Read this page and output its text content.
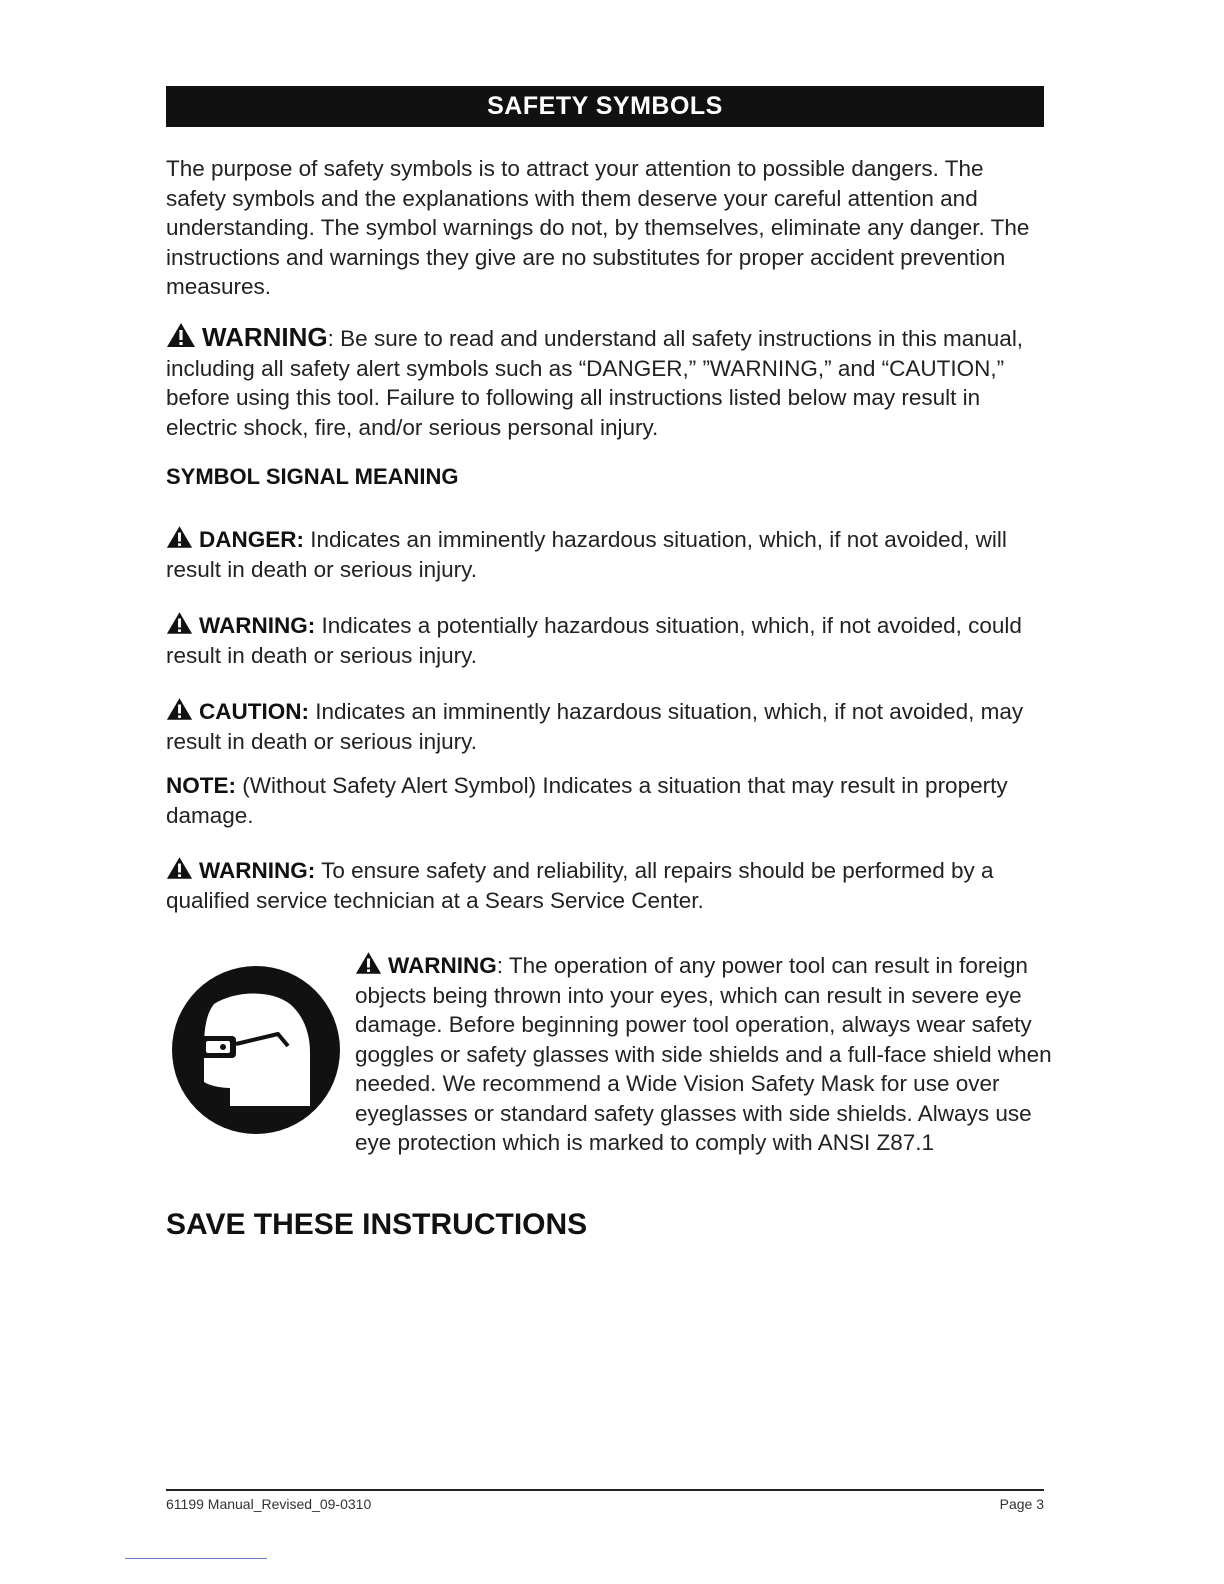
SAFETY SYMBOLS

The purpose of safety symbols is to attract your attention to possible dangers. The safety symbols and the explanations with them deserve your careful attention and understanding. The symbol warnings do not, by themselves, eliminate any danger. The instructions and warnings they give are no substitutes for proper accident prevention measures.

WARNING: Be sure to read and understand all safety instructions in this manual, including all safety alert symbols such as “DANGER,” ”WARNING,” and “CAUTION,” before using this tool. Failure to following all instructions listed below may result in electric shock, fire, and/or serious personal injury.

SYMBOL SIGNAL MEANING

DANGER: Indicates an imminently hazardous situation, which, if not avoided, will result in death or serious injury.

WARNING: Indicates a potentially hazardous situation, which, if not avoided, could result in death or serious injury.

CAUTION: Indicates an imminently hazardous situation, which, if not avoided, may result in death or serious injury.

NOTE: (Without Safety Alert Symbol) Indicates a situation that may result in property damage.

WARNING: To ensure safety and reliability, all repairs should be performed by a qualified service technician at a Sears Service Center.

WARNING: The operation of any power tool can result in foreign objects being thrown into your eyes, which can result in severe eye damage. Before beginning power tool operation, always wear safety goggles or safety glasses with side shields and a full-face shield when needed. We recommend a Wide Vision Safety Mask for use over eyeglasses or standard safety glasses with side shields. Always use eye protection which is marked to comply with ANSI Z87.1

SAVE THESE INSTRUCTIONS
61199 Manual_Revised_09-0310	Page 3
